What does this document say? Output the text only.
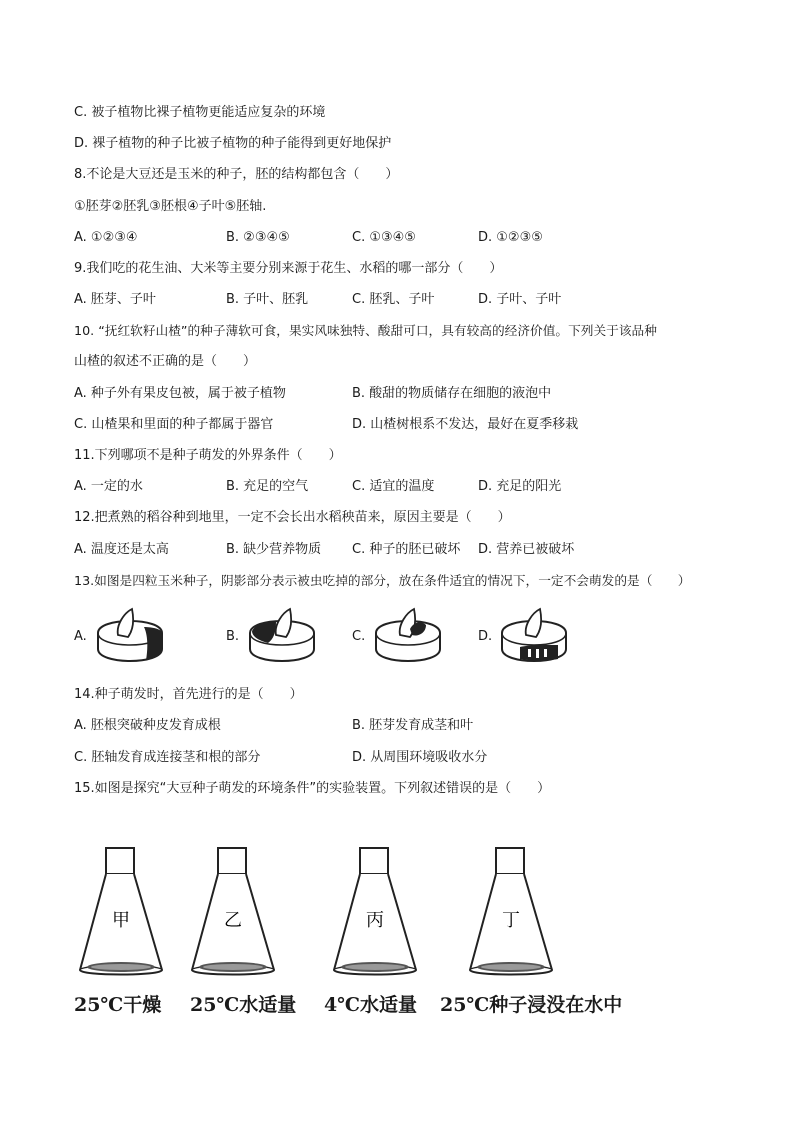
C. 被子植物比裸子植物更能适应复杂的环境
D. 裸子植物的种子比被子植物的种子能得到更好地保护
8.不论是大豆还是玉米的种子，胚的结构都包含（　　）
①胚芽②胚乳③胚根④子叶⑤胚轴.
A. ①②③④	B. ②③④⑤	C. ①③④⑤	D. ①②③⑤
9.我们吃的花生油、大米等主要分别来源于花生、水稻的哪一部分（　　）
A. 胚芽、子叶	B. 子叶、胚乳	C. 胚乳、子叶	D. 子叶、子叶
10. “抚红软籽山楂”的种子薄软可食，果实风味独特、酸甜可口，具有较高的经济价值。下列关于该品种
山楂的叙述不正确的是（　　）
A. 种子外有果皮包被，属于被子植物	B. 酸甜的物质储存在细胞的液泡中
C. 山楂果和里面的种子都属于器官	D. 山楂树根系不发达，最好在夏季移栽
11.下列哪项不是种子萌发的外界条件（　　）
A. 一定的水	B. 充足的空气	C. 适宜的温度	D. 充足的阳光
12.把煮熟的稻谷种到地里，一定不会长出水稻秧苗来，原因主要是（　　）
A. 温度还是太高	B. 缺少营养物质 C. 种子的胚已破坏 D. 营养已被破坏
13.如图是四粒玉米种子，阴影部分表示被虫吃掉的部分，放在条件适宜的情况下，一定不会萌发的是（　　）
A.	B.	C.	D.
14.种子萌发时，首先进行的是（　　）
A. 胚根突破种皮发育成根	B. 胚芽发育成茎和叶
C. 胚轴发育成连接茎和根的部分	D. 从周围环境吸收水分
15.如图是探究“大豆种子萌发的环境条件”的实验装置。下列叙述错误的是（　　）
甲	乙	丙	丁
25℃干燥 25℃水适量 4℃水适量 25℃种子浸没在水中
